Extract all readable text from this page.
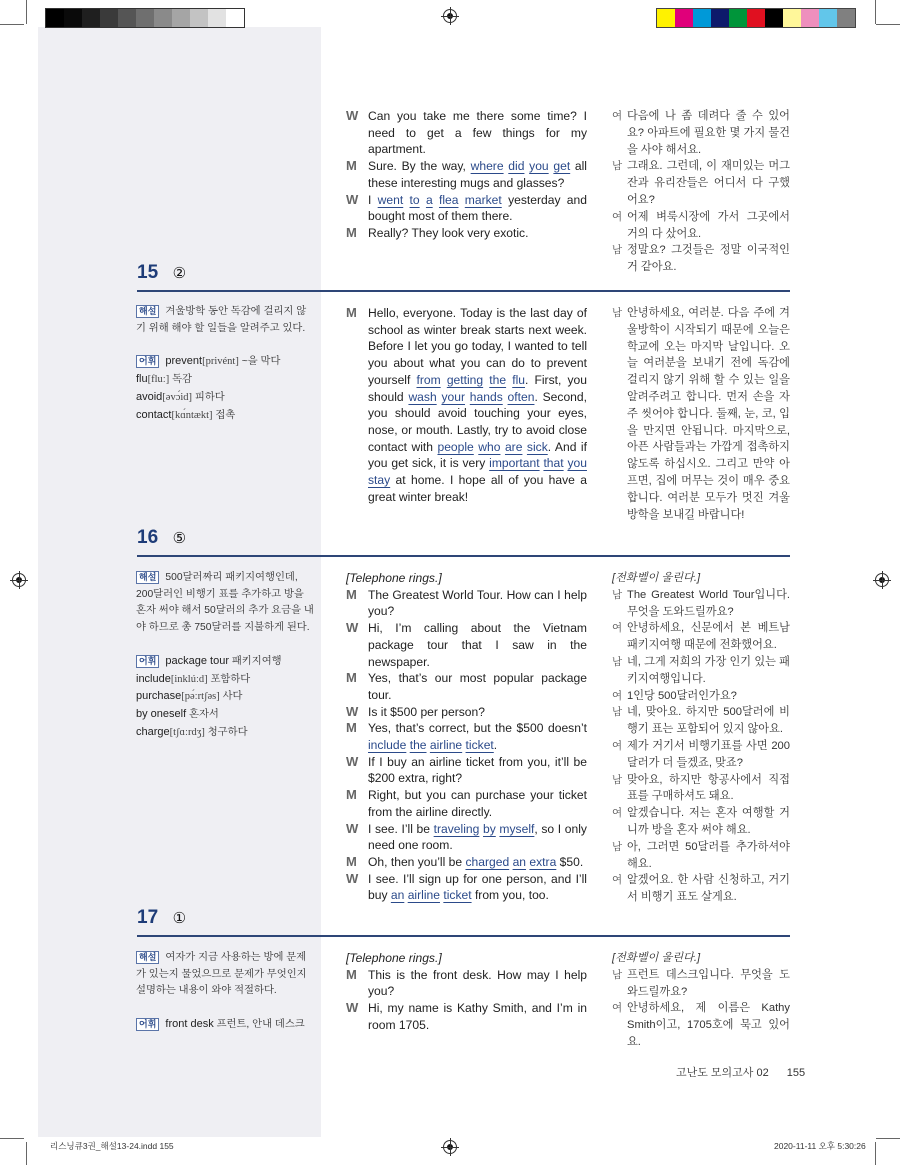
W Can you take me there some time? I need to get a few things for my apartment.
M Sure. By the way, where did you get all these interesting mugs and glasses?
W I went to a flea market yesterday and bought most of them there.
M Really? They look very exotic.
여 다음에 나 좀 데려다 줄 수 있어요? 아파트에 필요한 몇 가지 물건을 사야 해서요.
남 그래요. 그런데, 이 재미있는 머그잔과 유리잔들은 어디서 다 구했어요?
여 어제 벼룩시장에 가서 그곳에서 거의 다 샀어요.
남 정말요? 그것들은 정말 이국적인 거 같아요.
15 ②
해설 겨울방학 동안 독감에 걸리지 않기 위해 해야 할 일들을 알려주고 있다.
어휘 prevent[privént] ~을 막다
flu[fluː] 독감
avoid[əvɔ́id] 피하다
contact[kɑ́ntækt] 접촉
M Hello, everyone. Today is the last day of school as winter break starts next week. Before I let you go today, I wanted to tell you about what you can do to prevent yourself from getting the flu. First, you should wash your hands often. Second, you should avoid touching your eyes, nose, or mouth. Lastly, try to avoid close contact with people who are sick. And if you get sick, it is very important that you stay at home. I hope all of you have a great winter break!
남 안녕하세요, 여러분. 다음 주에 겨울방학이 시작되기 때문에 오늘은 학교에 오는 마지막 날입니다. 오늘 여러분을 보내기 전에 독감에 걸리지 않기 위해 할 수 있는 일을 알려주려고 합니다. 먼저 손을 자주 씻어야 합니다. 둘째, 눈, 코, 입을 만지면 안됩니다. 마지막으로, 아픈 사람들과는 가깝게 접촉하지 않도록 하십시오. 그리고 만약 아프면, 집에 머무는 것이 매우 중요합니다. 여러분 모두가 멋진 겨울 방학을 보내길 바랍니다!
16 ⑤
해설 500달러짜리 패키지여행인데, 200달러인 비행기 표를 추가하고 방을 혼자 써야 해서 50달러의 추가 요금을 내야 하므로 총 750달러를 지불하게 된다.
어휘 package tour 패키지여행
include[inklúːd] 포함하다
purchase[pə́ːrtʃəs] 사다
by oneself 혼자서
charge[tʃɑːrdʒ] 청구하다
[Telephone rings.]
M The Greatest World Tour. How can I help you?
W Hi, I’m calling about the Vietnam package tour that I saw in the newspaper.
M Yes, that’s our most popular package tour.
W Is it $500 per person?
M Yes, that’s correct, but the $500 doesn’t include the airline ticket.
W If I buy an airline ticket from you, it’ll be $200 extra, right?
M Right, but you can purchase your ticket from the airline directly.
W I see. I’ll be traveling by myself, so I only need one room.
M Oh, then you’ll be charged an extra $50.
W I see. I’ll sign up for one person, and I’ll buy an airline ticket from you, too.
[전화벨이 울린다.]
남 The Greatest World Tour입니다. 무엇을 도와드릴까요?
여 안녕하세요, 신문에서 본 베트남 패키지여행 때문에 전화했어요.
남 네, 그게 저희의 가장 인기 있는 패키지여행입니다.
여 1인당 500달러인가요?
남 네, 맞아요. 하지만 500달러에 비행기 표는 포함되어 있지 않아요.
여 제가 거기서 비행기표를 사면 200달러가 더 들겠죠, 맞죠?
남 맞아요, 하지만 항공사에서 직접 표를 구매하셔도 돼요.
여 알겠습니다. 저는 혼자 여행할 거니까 방을 혼자 써야 해요.
남 아, 그러면 50달러를 추가하셔야 해요.
여 알겠어요. 한 사람 신청하고, 거기서 비행기 표도 살게요.
17 ①
해설 여자가 지금 사용하는 방에 문제가 있는지 물었으므로 문제가 무엇인지 설명하는 내용이 와야 적절하다.
어휘 front desk 프런트, 안내 데스크
[Telephone rings.]
M This is the front desk. How may I help you?
W Hi, my name is Kathy Smith, and I’m in room 1705.
[전화벨이 울린다.]
남 프런트 데스크입니다. 무엇을 도와드릴까요?
여 안녕하세요, 제 이름은 Kathy Smith이고, 1705호에 묵고 있어요.
고난도 모의고사 02 155
리스닝큐3권_해설13-24.indd 155	2020-11-11 오후 5:30:26
